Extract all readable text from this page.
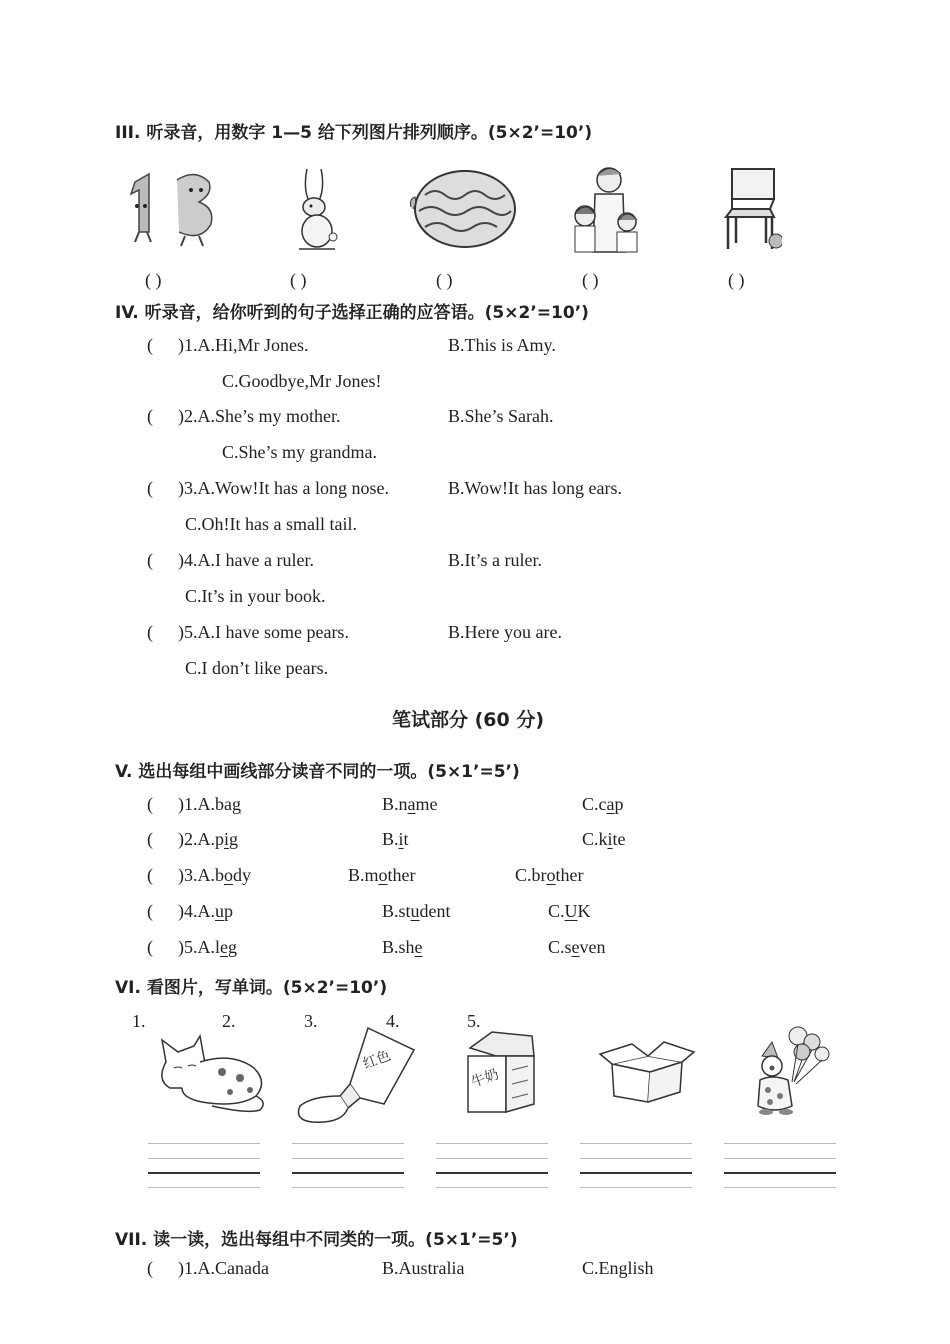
III. 听录音，用数字 1—5 给下列图片排列顺序。(5×2’=10’)
( )	( )	( )	( )	( )
IV. 听录音，给你听到的句子选择正确的应答语。(5×2’=10’)
( )1.A.Hi,Mr Jones.	B.This is Amy.
C.Goodbye,Mr Jones!
( )2.A.She’s my mother.	B.She’s Sarah.
C.She’s my grandma.
( )3.A.Wow!It has a long nose.	B.Wow!It has long ears.
C.Oh!It has a small tail.
( )4.A.I have a ruler.	B.It’s a ruler.
C.It’s in your book.
( )5.A.I have some pears.	B.Here you are.
C.I don’t like pears.
笔试部分 (60 分)
V. 选出每组中画线部分读音不同的一项。(5×1’=5’)
( )1.A.bag	B.name	C.cap
( )2.A.pig	B.it	C.kite
( )3.A.body	B.mother	C.brother
( )4.A.up	B.student	C.UK
( )5.A.leg	B.she	C.seven
VI. 看图片，写单词。(5×2’=10’)
1.	2.	3.	4.	5.
红色
牛奶
VII. 读一读，选出每组中不同类的一项。(5×1’=5’)
( )1.A.Canada	B.Australia	C.English
